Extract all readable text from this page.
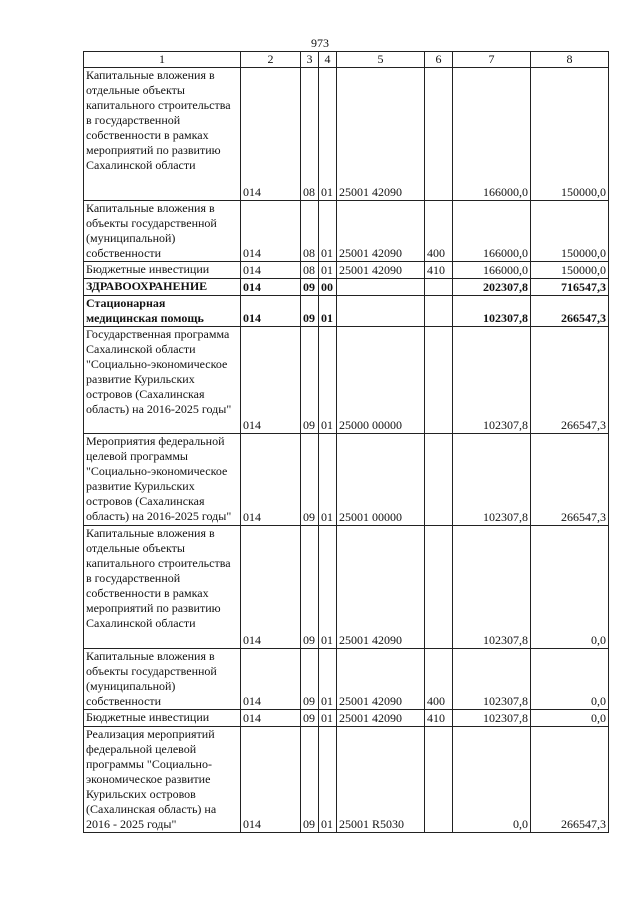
973
1	2	3	4	5	6	7	8
Капитальные вложения в отдельные объекты капитального строительства в государственной собственности в рамках мероприятий по развитию Сахалинской области	014	08	01	25001 42090		166000,0	150000,0
Капитальные вложения в объекты государственной (муниципальной) собственности	014	08	01	25001 42090	400	166000,0	150000,0
Бюджетные инвестиции	014	08	01	25001 42090	410	166000,0	150000,0
ЗДРАВООХРАНЕНИЕ	014	09	00			202307,8	716547,3
Стационарная медицинская помощь	014	09	01			102307,8	266547,3
Государственная программа Сахалинской области "Социально-экономическое развитие Курильских островов (Сахалинская область) на 2016-2025 годы"	014	09	01	25000 00000		102307,8	266547,3
Мероприятия федеральной целевой программы "Социально-экономическое развитие Курильских островов (Сахалинская область) на 2016-2025 годы"	014	09	01	25001 00000		102307,8	266547,3
Капитальные вложения в отдельные объекты капитального строительства в государственной собственности в рамках мероприятий по развитию Сахалинской области	014	09	01	25001 42090		102307,8	0,0
Капитальные вложения в объекты государственной (муниципальной) собственности	014	09	01	25001 42090	400	102307,8	0,0
Бюджетные инвестиции	014	09	01	25001 42090	410	102307,8	0,0
Реализация мероприятий федеральной целевой программы "Социально-экономическое развитие Курильских островов (Сахалинская область) на 2016 - 2025 годы"	014	09	01	25001 R5030		0,0	266547,3
